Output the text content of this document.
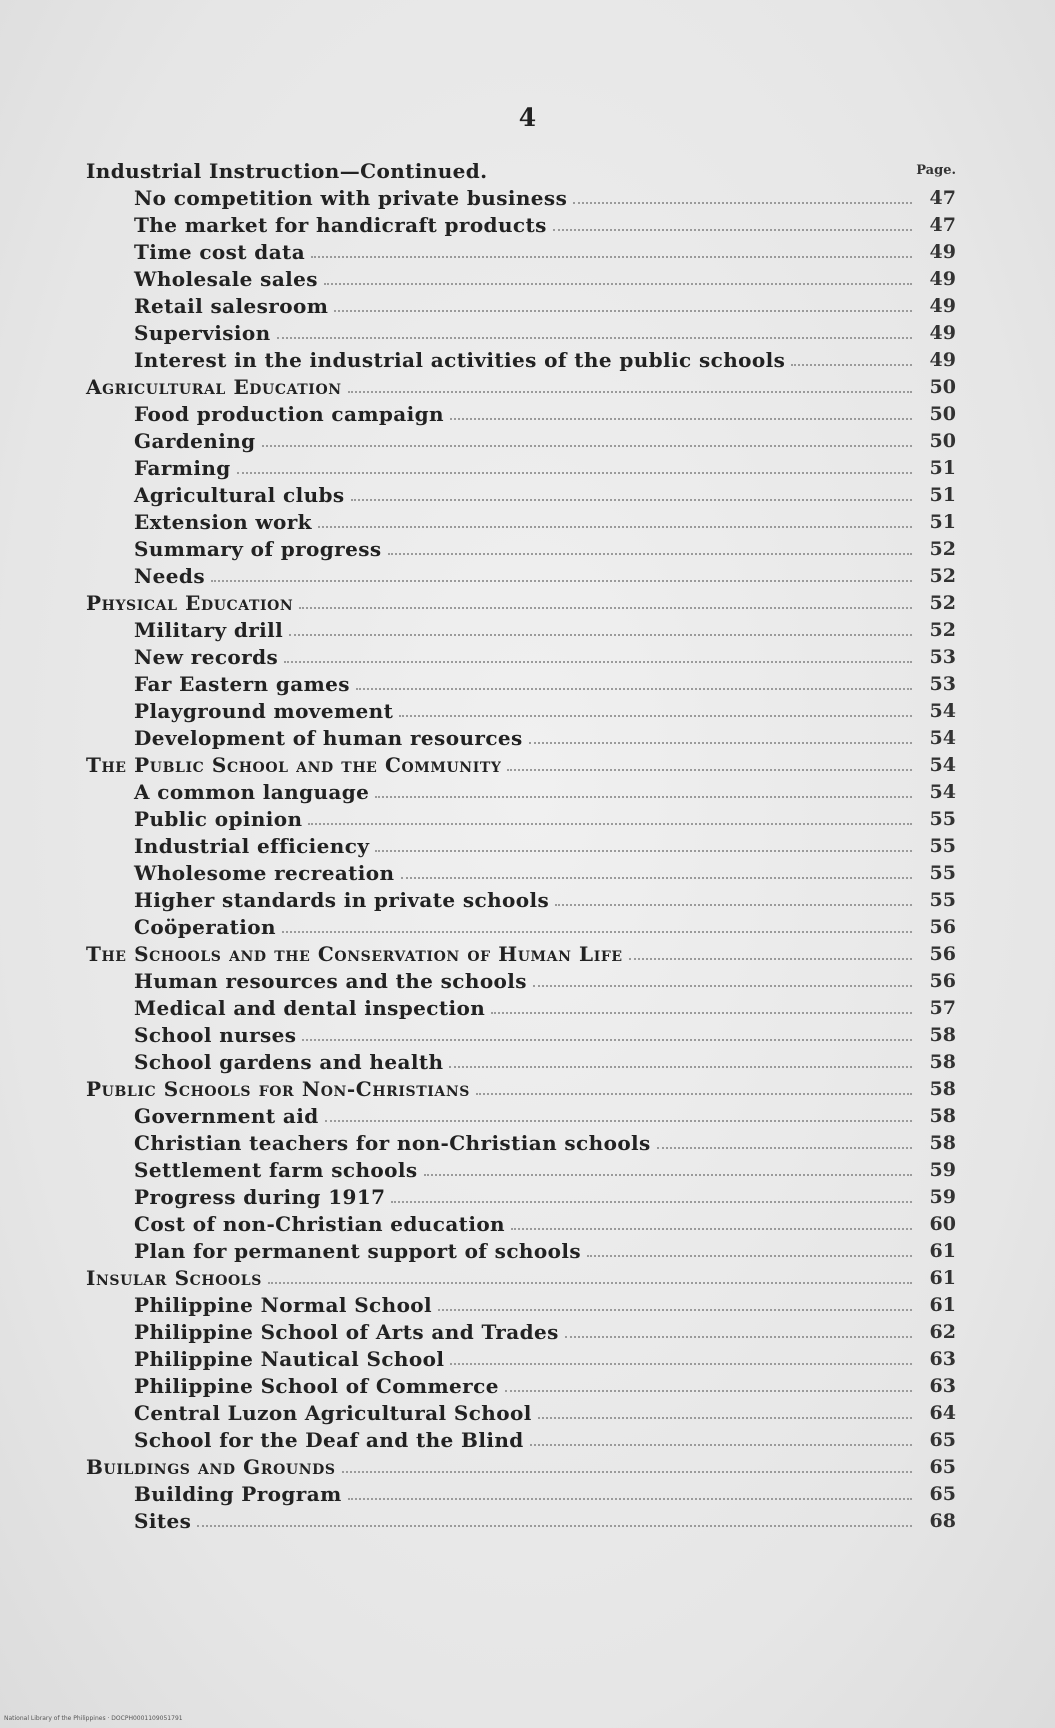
4
Industrial Instruction—Continued.	Page.
No competition with private business	47
The market for handicraft products	47
Time cost data	49
Wholesale sales	49
Retail salesroom	49
Supervision	49
Interest in the industrial activities of the public schools	49
Agricultural Education	50
Food production campaign	50
Gardening	50
Farming	51
Agricultural clubs	51
Extension work	51
Summary of progress	52
Needs	52
Physical Education	52
Military drill	52
New records	53
Far Eastern games	53
Playground movement	54
Development of human resources	54
The Public School and the Community	54
A common language	54
Public opinion	55
Industrial efficiency	55
Wholesome recreation	55
Higher standards in private schools	55
Coöperation	56
The Schools and the Conservation of Human Life	56
Human resources and the schools	56
Medical and dental inspection	57
School nurses	58
School gardens and health	58
Public Schools for Non-Christians	58
Government aid	58
Christian teachers for non-Christian schools	58
Settlement farm schools	59
Progress during 1917	59
Cost of non-Christian education	60
Plan for permanent support of schools	61
Insular Schools	61
Philippine Normal School	61
Philippine School of Arts and Trades	62
Philippine Nautical School	63
Philippine School of Commerce	63
Central Luzon Agricultural School	64
School for the Deaf and the Blind	65
Buildings and Grounds	65
Building Program	65
Sites	68
National Library of the Philippines · DOCPH0001109051791
